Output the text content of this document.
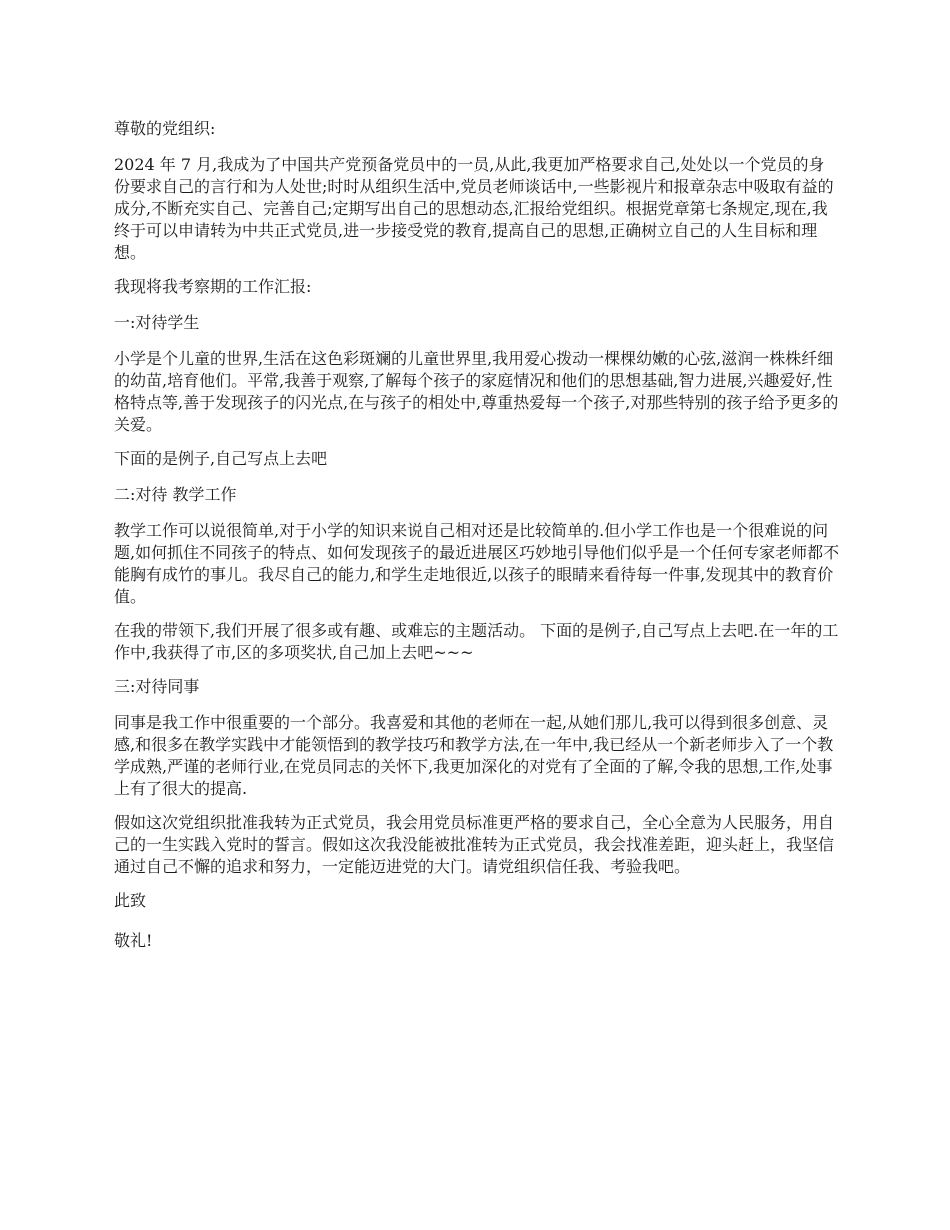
尊敬的党组织:

2024 年 7 月,我成为了中国共产党预备党员中的一员,从此,我更加严格要求自己,处处以一个党员的身份要求自己的言行和为人处世;时时从组织生活中,党员老师谈话中,一些影视片和报章杂志中吸取有益的成分,不断充实自己、完善自己;定期写出自己的思想动态,汇报给党组织。根据党章第七条规定,现在,我终于可以申请转为中共正式党员,进一步接受党的教育,提高自己的思想,正确树立自己的人生目标和理想。

我现将我考察期的工作汇报:

一:对待学生

小学是个儿童的世界,生活在这色彩斑斓的儿童世界里,我用爱心拨动一棵棵幼嫩的心弦,滋润一株株纤细的幼苗,培育他们。平常,我善于观察,了解每个孩子的家庭情况和他们的思想基础,智力进展,兴趣爱好,性格特点等,善于发现孩子的闪光点,在与孩子的相处中,尊重热爱每一个孩子,对那些特别的孩子给予更多的关爱。

下面的是例子,自己写点上去吧

二:对待 教学工作

教学工作可以说很简单,对于小学的知识来说自己相对还是比较简单的.但小学工作也是一个很难说的问题,如何抓住不同孩子的特点、如何发现孩子的最近进展区巧妙地引导他们似乎是一个任何专家老师都不能胸有成竹的事儿。我尽自己的能力,和学生走地很近,以孩子的眼睛来看待每一件事,发现其中的教育价值。

在我的带领下,我们开展了很多或有趣、或难忘的主题活动。 下面的是例子,自己写点上去吧.在一年的工作中,我获得了市,区的多项奖状,自己加上去吧~~~

三:对待同事

同事是我工作中很重要的一个部分。我喜爱和其他的老师在一起,从她们那儿,我可以得到很多创意、灵感,和很多在教学实践中才能领悟到的教学技巧和教学方法,在一年中,我已经从一个新老师步入了一个教学成熟,严谨的老师行业,在党员同志的关怀下,我更加深化的对党有了全面的了解,令我的思想,工作,处事上有了很大的提高.

假如这次党组织批准我转为正式党员，我会用党员标准更严格的要求自己，全心全意为人民服务，用自己的一生实践入党时的誓言。假如这次我没能被批准转为正式党员，我会找准差距，迎头赶上，我坚信通过自己不懈的追求和努力，一定能迈进党的大门。请党组织信任我、考验我吧。

此致

敬礼!
